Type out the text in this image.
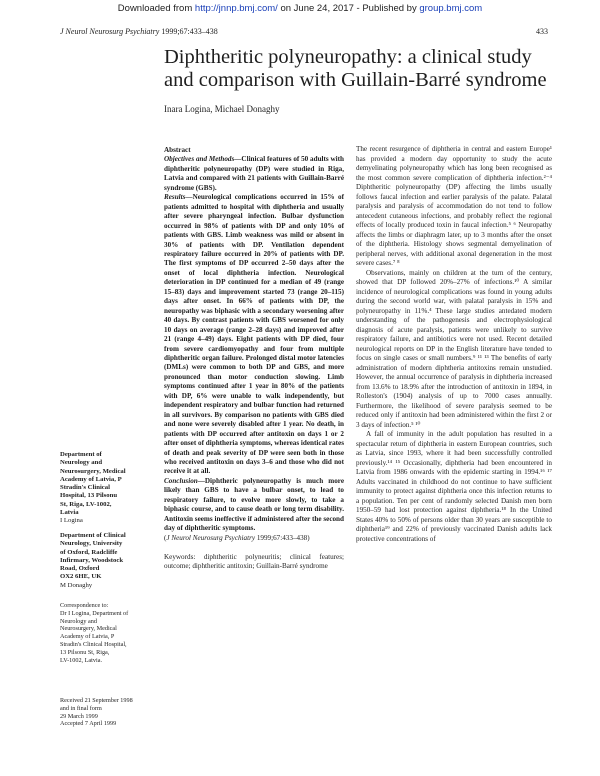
Downloaded from http://jnnp.bmj.com/ on June 24, 2017 - Published by group.bmj.com
J Neurol Neurosurg Psychiatry 1999;67:433–438	433
Diphtheritic polyneuropathy: a clinical study and comparison with Guillain-Barré syndrome
Inara Logina, Michael Donaghy
Department of
Neurology and
Neurosurgery, Medical
Academy of Latvia, P
Stradin's Clinical
Hospital, 13 Pilsonu
St, Riga, LV-1002,
Latvia
I Logina
Department of Clinical
Neurology, University
of Oxford, Radcliffe
Infirmary, Woodstock
Road, Oxford
OX2 6HE, UK
M Donaghy
Correspondence to:
Dr I Logina, Department of
Neurology and
Neurosurgery, Medical
Academy of Latvia, P
Stradin's Clinical Hospital,
13 Pilsonu St, Riga,
LV-1002, Latvia.
Received 21 September 1998
and in final form
29 March 1999
Accepted 7 April 1999
Abstract
Objectives and Methods—Clinical features of 50 adults with diphtheritic polyneuropathy (DP) were studied in Riga, Latvia and compared with 21 patients with Guillain-Barré syndrome (GBS).
Results—Neurological complications occurred in 15% of patients admitted to hospital with diphtheria and usually after severe pharyngeal infection. Bulbar dysfunction occurred in 98% of patients with DP and only 10% of patients with GBS. Limb weakness was mild or absent in 30% of patients with DP. Ventilation dependent respiratory failure occurred in 20% of patients with DP. The first symptoms of DP occurred 2–50 days after the onset of local diphtheria infection. Neurological deterioration in DP continued for a median of 49 (range 15–83) days and improvement started 73 (range 20–115) days after onset. In 66% of patients with DP, the neuropathy was biphasic with a secondary worsening after 40 days. By contrast patients with GBS worsened for only 10 days on average (range 2–28 days) and improved after 21 (range 4–49) days. Eight patients with DP died, four from severe cardiomyopathy and four from multiple diphtheritic organ failure. Prolonged distal motor latencies (DMLs) were common to both DP and GBS, and more pronounced than motor conduction slowing. Limb symptoms continued after 1 year in 80% of the patients with DP, 6% were unable to walk independently, but independent respiratory and bulbar function had returned in all survivors. By comparison no patients with GBS died and none were severely disabled after 1 year. No death, in patients with DP occurred after antitoxin on days 1 or 2 after onset of diphtheria symptoms, whereas identical rates of death and peak severity of DP were seen both in those who received antitoxin on days 3–6 and those who did not receive it at all.
Conclusion—Diphtheric polyneuropathy is much more likely than GBS to have a bulbar onset, to lead to respiratory failure, to evolve more slowly, to take a biphasic course, and to cause death or long term disability. Antitoxin seems ineffective if administered after the second day of diphtheritic symptoms.
(J Neurol Neurosurg Psychiatry 1999;67:433–438)
Keywords: diphtheritic polyneuritis; clinical features; outcome; diphtheritic antitoxin; Guillain-Barré syndrome

The recent resurgence of diphtheria in central and eastern Europe¹ has provided a modern day opportunity to study the acute demyelinating polyneuropathy which has long been recognised as the most common severe complication of diphtheria infection.²⁻⁴ Diphtheritic polyneuropathy (DP) affecting the limbs usually follows faucal infection and earlier paralysis of the palate. Palatal paralysis and paralysis of accommodation do not tend to follow antecedent cutaneous infections, and probably reflect the regional effects of locally produced toxin in faucal infection.⁵ ⁶ Neuropathy affects the limbs or diaphragm later, up to 3 months after the onset of the diphtheria. Histology shows segmental demyelination of peripheral nerves, with additional axonal degeneration in the most severe cases.⁷ ⁸

Observations, mainly on children at the turn of the century, showed that DP followed 20%–27% of infections.¹⁰ A similar incidence of neurological complications was found in young adults during the second world war, with palatal paralysis in 15% and polyneuropathy in 11%.⁴ These large studies antedated modern understanding of the pathogenesis and electrophysiological diagnosis of acute paralysis, patients were unlikely to survive respiratory failure, and antibiotics were not used. Recent detailed neurological reports on DP in the English literature have tended to focus on single cases or small numbers.⁹ ¹¹ ¹³ The benefits of early administration of modern diphtheria antitoxins remain unstudied. However, the annual occurrence of paralysis in diphtheria increased from 13.6% to 18.9% after the introduction of antitoxin in 1894, in Rolleston's (1904) analysis of up to 7000 cases annually. Furthermore, the likelihood of severe paralysis seemed to be reduced only if antitoxin had been administered within the first 2 or 3 days of infection.⁵ ¹⁰

A fall of immunity in the adult population has resulted in a spectacular return of diphtheria in eastern European countries, such as Latvia, since 1993, where it had been successfully controlled previously.¹⁴ ¹⁵ Occasionally, diphtheria had been encountered in Latvia from 1986 onwards with the epidemic starting in 1994.¹⁶ ¹⁷ Adults vaccinated in childhood do not continue to have sufficient immunity to protect against diphtheria once this infection returns to a population. Ten per cent of randomly selected Danish men born 1950–59 had lost protection against diphtheria.¹⁸ In the United States 40% to 50% of persons older than 30 years are susceptible to diphtheria¹⁹ and 22% of previously vaccinated Danish adults lack protective concentrations of
